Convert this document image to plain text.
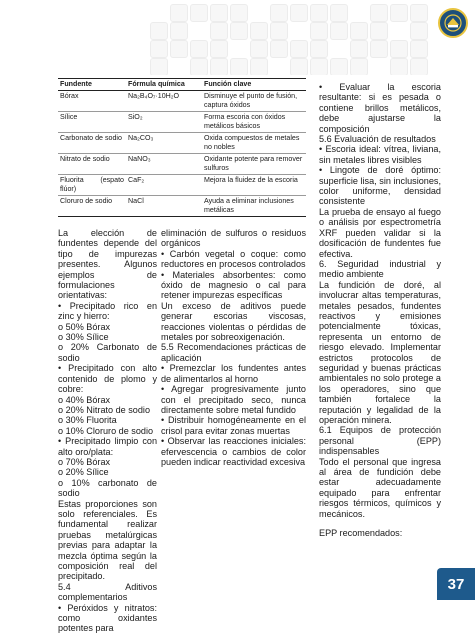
Fundente	Fórmula química	Función clave
Bórax	Na₂B₄O₇·10H₂O	Disminuye el punto de fusión, captura óxidos
Sílice	SiO₂	Forma escoria con óxidos metálicos básicos
Carbonato de sodio	Na₂CO₃	Oxida compuestos de metales no nobles
Nitrato de sodio	NaNO₃	Oxidante potente para remover sulfuros
Fluorita (espato flúor)	CaF₂	Mejora la fluidez de la escoria
Cloruro de sodio	NaCl	Ayuda a eliminar inclusiones metálicas

La elección de fundentes depende del tipo de impurezas presentes. Algunos ejemplos de formulaciones orientativas:

• Precipitado rico en zinc y hierro:

o 50% Bórax

o 30% Sílice

o 20% Carbonato de sodio

• Precipitado con alto contenido de plomo y cobre:

o 40% Bórax

o 20% Nitrato de sodio

o 30% Fluorita

o 10% Cloruro de sodio

• Precipitado limpio con alto oro/plata:

o 70% Bórax

o 20% Sílice

o 10% carbonato de sodio

Estas proporciones son solo referenciales. Es fundamental realizar pruebas metalúrgicas previas para adaptar la mezcla óptima según la composición real del precipitado.

5.4 Aditivos complementarios

• Peróxidos y nitratos: como oxidantes potentes para

eliminación de sulfuros o residuos orgánicos

• Carbón vegetal o coque: como reductores en procesos controlados

• Materiales absorbentes: como óxido de magnesio o cal para retener impurezas específicas

Un exceso de aditivos puede generar escorias viscosas, reacciones violentas o pérdidas de metales por sobreoxigenación.

5.5 Recomendaciones prácticas de aplicación

• Premezclar los fundentes antes de alimentarlos al horno

• Agregar progresivamente junto con el precipitado seco, nunca directamente sobre metal fundido

• Distribuir homogéneamente en el crisol para evitar zonas muertas

• Observar las reacciones iniciales: efervescencia o cambios de color pueden indicar reactividad excesiva

• Evaluar la escoria resultante: si es pesada o contiene brillos metálicos, debe ajustarse la composición

5.6 Evaluación de resultados

• Escoria ideal: vítrea, liviana, sin metales libres visibles

• Lingote de doré óptimo: superficie lisa, sin inclusiones, color uniforme, densidad consistente

La prueba de ensayo al fuego o análisis por espectrometría XRF pueden validar si la dosificación de fundentes fue efectiva.

6. Seguridad industrial y medio ambiente

La fundición de doré, al involucrar altas temperaturas, metales pesados, fundentes reactivos y emisiones potencialmente tóxicas, representa un entorno de riesgo elevado. Implementar estrictos protocolos de seguridad y buenas prácticas ambientales no solo protege a los operadores, sino que también fortalece la reputación y legalidad de la operación minera.

6.1 Equipos de protección personal (EPP) indispensables

Todo el personal que ingresa al área de fundición debe estar adecuadamente equipado para enfrentar riesgos térmicos, químicos y mecánicos.

EPP recomendados:

37
